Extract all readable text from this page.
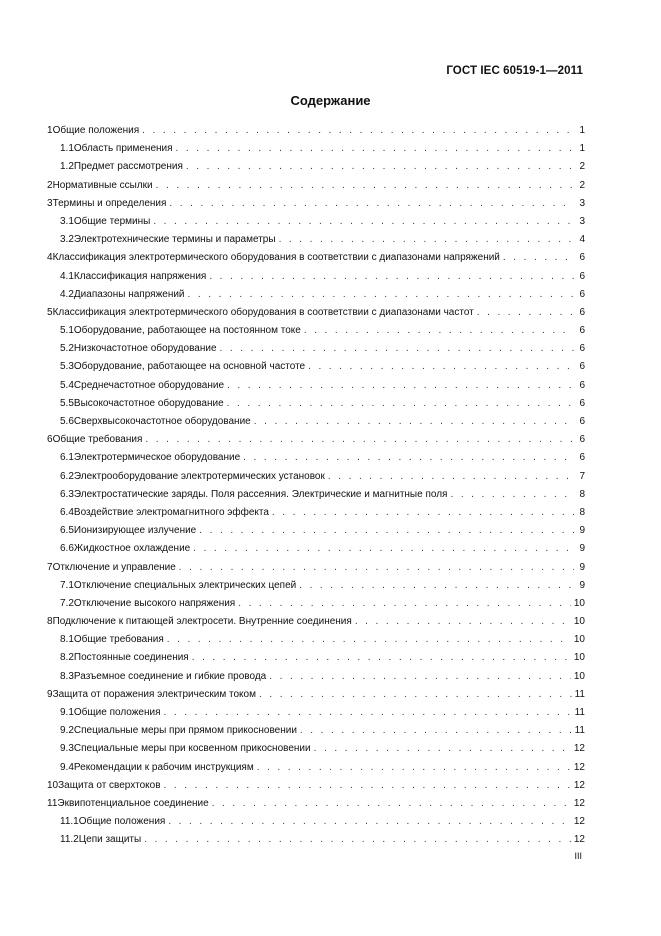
ГОСТ IEC 60519-1—2011
Содержание
1 Общие положения . . .	1
1.1 Область применения . . .	1
1.2 Предмет рассмотрения . . .	2
2 Нормативные ссылки . . .	2
3 Термины и определения . . .	3
3.1 Общие термины . . .	3
3.2 Электротехнические термины и параметры . . .	4
4 Классификация электротермического оборудования в соответствии с диапазонами напряжений . . .	6
4.1 Классификация напряжения . . .	6
4.2 Диапазоны напряжений . . .	6
5 Классификация электротермического оборудования в соответствии с диапазонами частот . . .	6
5.1 Оборудование, работающее на постоянном токе . . .	6
5.2 Низкочастотное оборудование . . .	6
5.3 Оборудование, работающее на основной частоте . . .	6
5.4 Среднечастотное оборудование . . .	6
5.5 Высокочастотное оборудование . . .	6
5.6 Сверхвысокочастотное оборудование . . .	6
6 Общие требования . . .	6
6.1 Электротермическое оборудование . . .	6
6.2 Электрооборудование электротермических установок . . .	7
6.3 Электростатические заряды. Поля рассеяния. Электрические и магнитные поля . . .	8
6.4 Воздействие электромагнитного эффекта . . .	8
6.5 Ионизирующее излучение . . .	9
6.6 Жидкостное охлаждение . . .	9
7 Отключение и управление . . .	9
7.1 Отключение специальных электрических цепей . . .	9
7.2 Отключение высокого напряжения . . .	10
8 Подключение к питающей электросети. Внутренние соединения . . .	10
8.1 Общие требования . . .	10
8.2 Постоянные соединения . . .	10
8.3 Разъемное соединение и гибкие провода . . .	10
9 Защита от поражения электрическим током . . .	11
9.1 Общие положения . . .	11
9.2 Специальные меры при прямом прикосновении . . .	11
9.3 Специальные меры при косвенном прикосновении . . .	12
9.4 Рекомендации к рабочим инструкциям . . .	12
10 Защита от сверхтоков . . .	12
11 Эквипотенциальное соединение . . .	12
11.1 Общие положения . . .	12
11.2 Цепи защиты . . .	12
III
